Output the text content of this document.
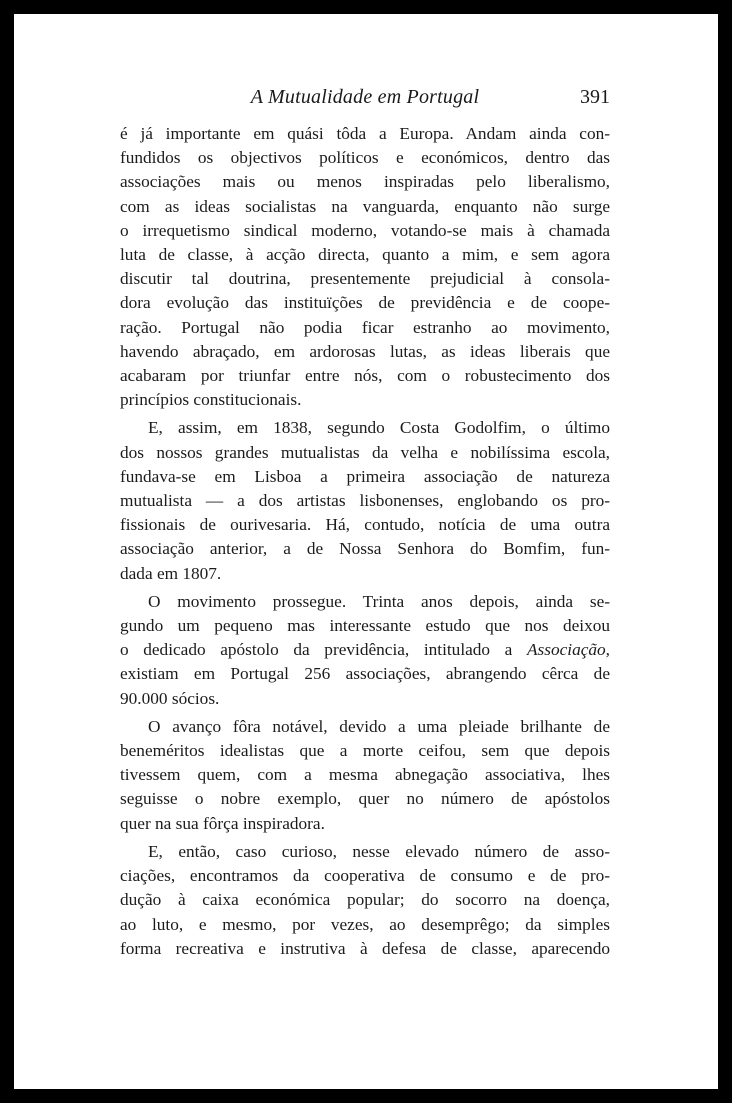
A Mutualidade em Portugal	391
é já importante em quási tôda a Europa. Andam ainda con-
fundidos os objectivos políticos e económicos, dentro das
associações mais ou menos inspiradas pelo liberalismo,
com as ideas socialistas na vanguarda, enquanto não surge
o irrequetismo sindical moderno, votando-se mais à chamada
luta de classe, à acção directa, quanto a mim, e sem agora
discutir tal doutrina, presentemente prejudicial à consola-
dora evolução das instituïções de previdência e de coope-
ração. Portugal não podia ficar estranho ao movimento,
havendo abraçado, em ardorosas lutas, as ideas liberais que
acabaram por triunfar entre nós, com o robustecimento dos
princípios constitucionais.
E, assim, em 1838, segundo Costa Godolfim, o último
dos nossos grandes mutualistas da velha e nobilíssima escola,
fundava-se em Lisboa a primeira associação de natureza
mutualista — a dos artistas lisbonenses, englobando os pro-
fissionais de ourivesaria. Há, contudo, notícia de uma outra
associação anterior, a de Nossa Senhora do Bomfim, fun-
dada em 1807.
O movimento prossegue. Trinta anos depois, ainda se-
gundo um pequeno mas interessante estudo que nos deixou
o dedicado apóstolo da previdência, intitulado a Associação,
existiam em Portugal 256 associações, abrangendo cêrca de
90.000 sócios.
O avanço fôra notável, devido a uma pleiade brilhante de
beneméritos idealistas que a morte ceifou, sem que depois
tivessem quem, com a mesma abnegação associativa, lhes
seguisse o nobre exemplo, quer no número de apóstolos
quer na sua fôrça inspiradora.
E, então, caso curioso, nesse elevado número de asso-
ciações, encontramos da cooperativa de consumo e de pro-
dução à caixa económica popular; do socorro na doença,
ao luto, e mesmo, por vezes, ao desemprêgo; da simples
forma recreativa e instrutiva à defesa de classe, aparecendo
